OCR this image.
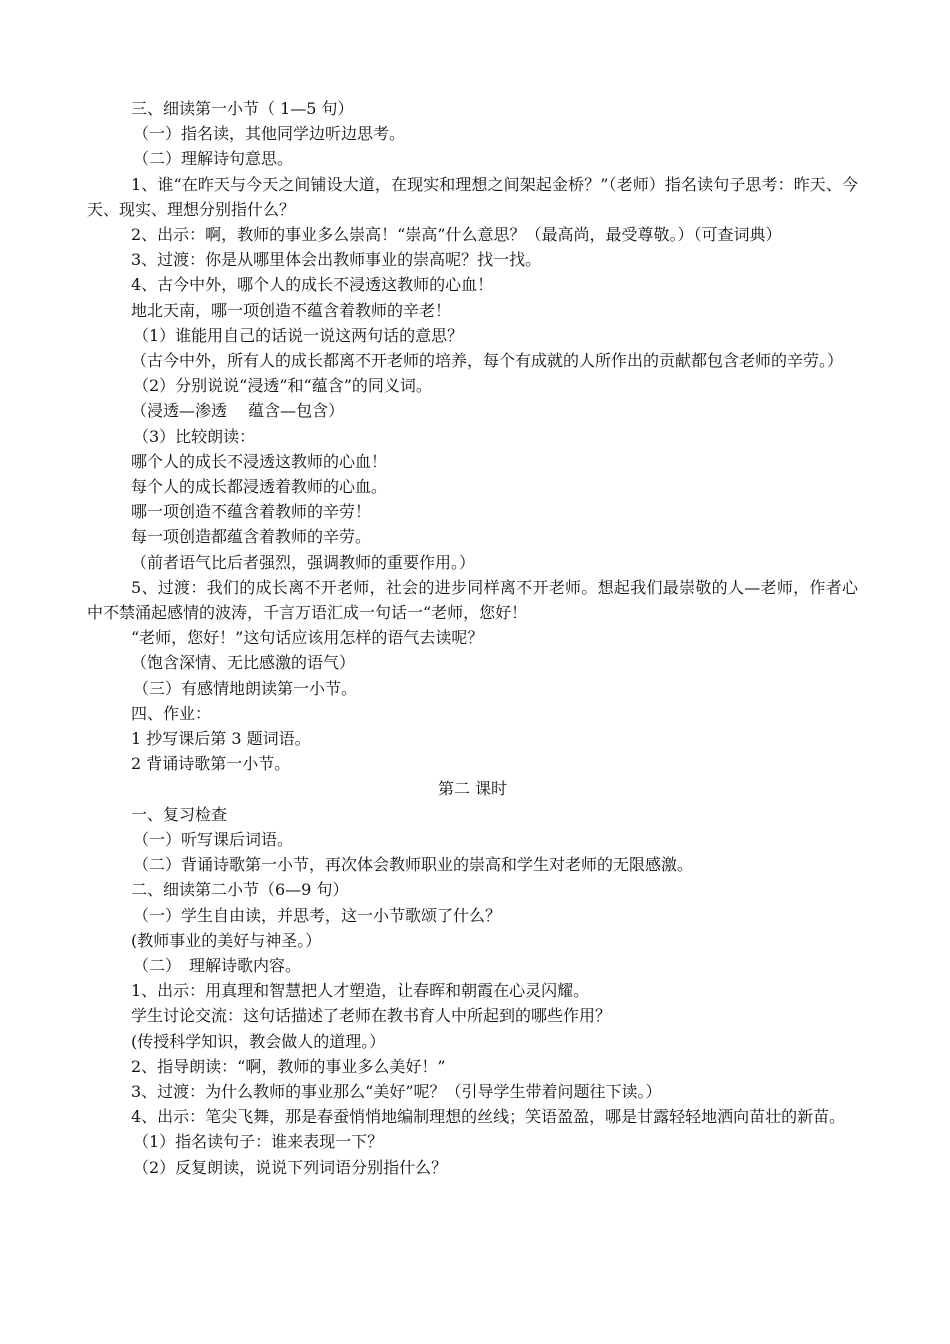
三、细读第一小节（ 1—5 句）
（一）指名读，其他同学边听边思考。
（二）理解诗句意思。
1、谁“在昨天与今天之间铺设大道，在现实和理想之间架起金桥？”（老师）指名读句子思考：昨天、今天、现实、理想分别指什么？
2、出示：啊，教师的事业多么崇高！“崇高”什么意思？（最高尚，最受尊敬。）（可查词典）
3、过渡：你是从哪里体会出教师事业的崇高呢？找一找。
4、古今中外，哪个人的成长不浸透这教师的心血！
地北天南，哪一项创造不蕴含着教师的辛老！
（1）谁能用自己的话说一说这两句话的意思？
（古今中外，所有人的成长都离不开老师的培养，每个有成就的人所作出的贡献都包含老师的辛劳。）
（2）分别说说“浸透”和“蕴含”的同义词。
（浸透—渗透　 蕴含—包含）
（3）比较朗读：
哪个人的成长不浸透这教师的心血！
每个人的成长都浸透着教师的心血。
哪一项创造不蕴含着教师的辛劳！
每一项创造都蕴含着教师的辛劳。
（前者语气比后者强烈，强调教师的重要作用。）
5、过渡：我们的成长离不开老师，社会的进步同样离不开老师。想起我们最崇敬的人—老师，作者心中不禁涌起感情的波涛，千言万语汇成一句话一“老师，您好！
“老师，您好！”这句话应该用怎样的语气去读呢？
（饱含深情、无比感激的语气）
（三）有感情地朗读第一小节。
四、作业：
1 抄写课后第 3 题词语。
2 背诵诗歌第一小节。
第二 课时
一、复习检查
（一）听写课后词语。
（二）背诵诗歌第一小节，再次体会教师职业的崇高和学生对老师的无限感激。
二、细读第二小节（6—9 句）
（一）学生自由读，并思考，这一小节歌颂了什么？
(教师事业的美好与神圣。）
（二）　理解诗歌内容。
1、出示：用真理和智慧把人才塑造，让春晖和朝霞在心灵闪耀。
学生讨论交流：这句话描述了老师在教书育人中所起到的哪些作用？
(传授科学知识，教会做人的道理。）
2、指导朗读：“啊，教师的事业多么美好！”
3、过渡：为什么教师的事业那么“美好”呢？（引导学生带着问题往下读。）
4、出示：笔尖飞舞，那是春蚕悄悄地编制理想的丝线；笑语盈盈，哪是甘露轻轻地洒向苗壮的新苗。
（1）指名读句子：谁来表现一下？
（2）反复朗读，说说下列词语分别指什么？
